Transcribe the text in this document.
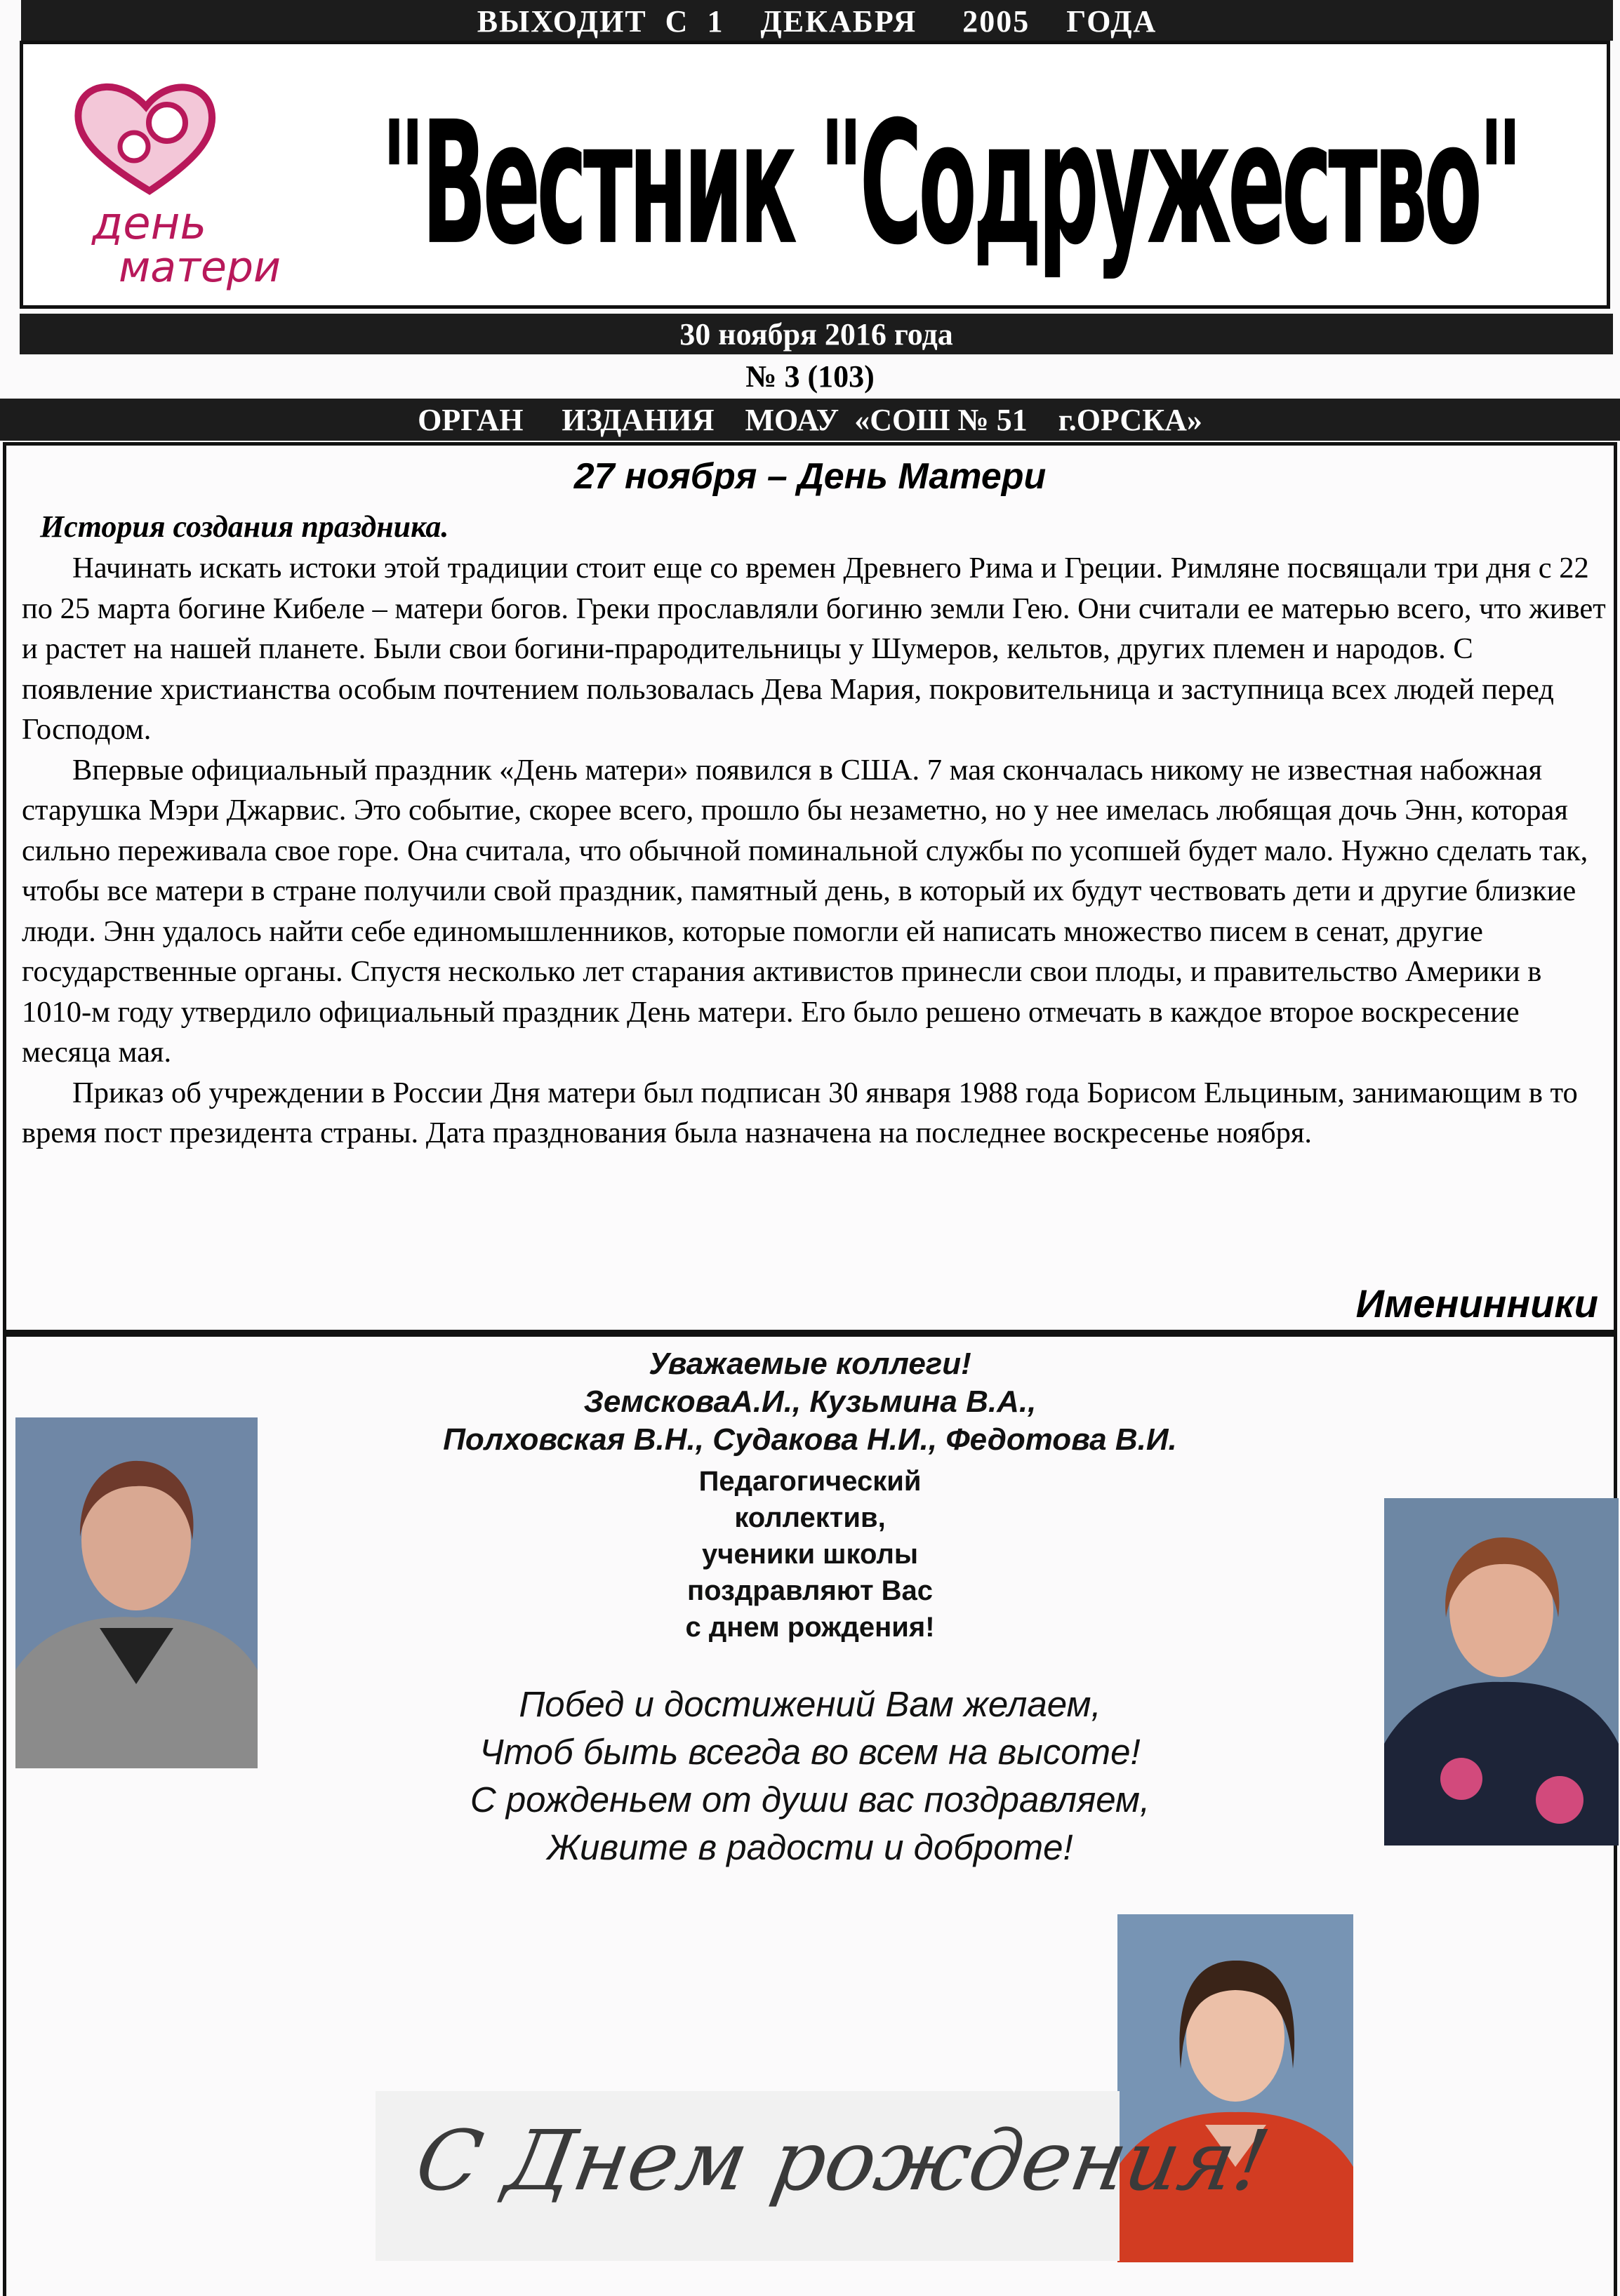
ВЫХОДИТ  С  1    ДЕКАБРЯ     2005    ГОДА
день
матери "Вестник "Содружество"
30 ноября 2016 года
№ 3 (103)
ОРГАН     ИЗДАНИЯ    МОАУ  «СОШ № 51    г.ОРСКА»
27 ноября – День Матери
История создания праздника.

Начинать искать истоки этой традиции стоит еще со времен Древнего Рима и Греции. Римляне посвящали три дня с 22 по 25 марта богине Кибеле – матери богов. Греки прославляли богиню земли Гею. Они считали ее матерью всего, что живет и растет на нашей планете. Были свои богини-прародительницы у Шумеров, кельтов, других племен и народов. С появление христианства особым почтением пользовалась Дева Мария, покровительница и заступница всех людей перед Господом.

Впервые официальный праздник «День матери» появился в США. 7 мая скончалась никому не известная набожная старушка Мэри Джарвис. Это событие, скорее всего, прошло бы незаметно, но у нее имелась любящая дочь Энн, которая сильно переживала свое горе. Она считала, что обычной поминальной службы по усопшей будет мало. Нужно сделать так, чтобы все матери в стране получили свой праздник, памятный день, в который их будут чествовать дети и другие близкие люди. Энн удалось найти себе единомышленников, которые помогли ей написать множество писем в сенат, другие государственные органы. Спустя несколько лет старания активистов принесли свои плоды, и правительство Америки в 1010-м году утвердило официальный праздник День матери. Его было решено отмечать в каждое второе воскресение месяца мая.

Приказ об учреждении в России Дня матери был подписан 30 января 1988 года Борисом Ельциным, занимающим в то время пост президента страны. Дата празднования была назначена на последнее воскресенье ноября.

Именинники
Уважаемые коллеги!
ЗемсковаА.И., Кузьмина В.А.,
Полховская В.Н., Судакова Н.И., Федотова В.И.
Педагогический
коллектив,
ученики школы
поздравляют Вас
с днем рождения!
Побед и достижений Вам желаем,
Чтоб быть всегда во всем на высоте!
С рожденьем от души вас поздравляем,
Живите в радости и доброте!
С Днем рождения!
